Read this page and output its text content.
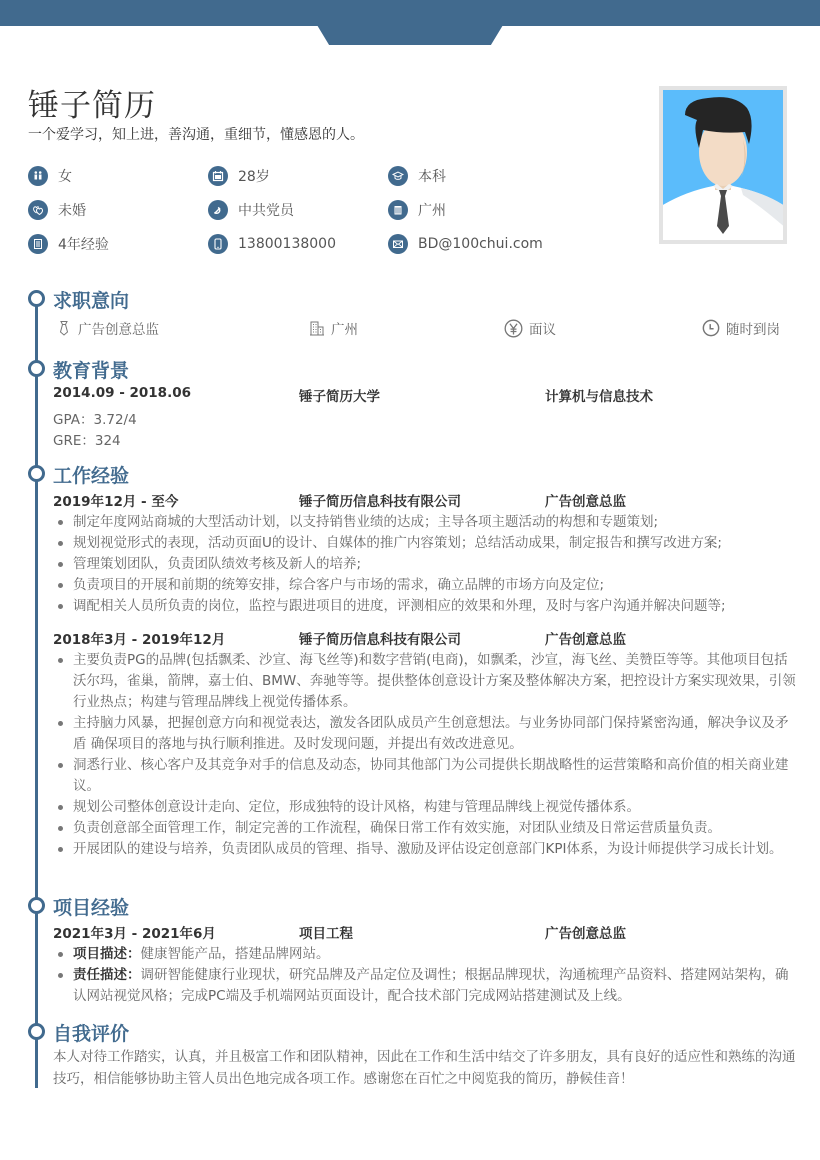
锤子简历
一个爱学习，知上进，善沟通，重细节，懂感恩的人。
女	28岁	本科
未婚	中共党员	广州
4年经验	13800138000	BD@100chui.com
求职意向
广告创意总监	广州	面议	随时到岗
教育背景
2014.09 - 2018.06	锤子简历大学	计算机与信息技术
GPA：3.72/4
GRE：324
工作经验
2019年12月 - 至今	锤子简历信息科技有限公司	广告创意总监
制定年度网站商城的大型活动计划，以支持销售业绩的达成；主导各项主题活动的构想和专题策划;
规划视觉形式的表现，活动页面U的设计、自媒体的推广内容策划；总结活动成果，制定报告和撰写改进方案;
管理策划团队，负责团队绩效考核及新人的培养;
负责项目的开展和前期的统筹安排，综合客户与市场的需求，确立品牌的市场方向及定位;
调配相关人员所负责的岗位，监控与跟进项目的进度，评测相应的效果和外理，及时与客户沟通并解决问题等;
2018年3月 - 2019年12月	锤子简历信息科技有限公司	广告创意总监
主要负责PG的品牌(包括飘柔、沙宣、海飞丝等)和数字营销(电商)，如飘柔，沙宣，海飞丝、美赞臣等等。其他项目包括 沃尔玛，雀巢，箭牌，嘉士伯、BMW、奔驰等等。提供整体创意设计方案及整体解决方案，把控设计方案实现效果，引领行业热点；构建与管理品牌线上视觉传播体系。
主持脑力风暴，把握创意方向和视觉表达，激发各团队成员产生创意想法。与业务协同部门保持紧密沟通，解决争议及矛盾 确保项目的落地与执行顺利推进。及时发现问题，并提出有效改进意见。
洞悉行业、核心客户及其竞争对手的信息及动态，协同其他部门为公司提供长期战略性的运营策略和高价值的相关商业建议。
规划公司整体创意设计走向、定位，形成独特的设计风格，构建与管理品牌线上视觉传播体系。
负责创意部全面管理工作，制定完善的工作流程，确保日常工作有效实施，对团队业绩及日常运营质量负责。
开展团队的建设与培养，负责团队成员的管理、指导、激励及评估设定创意部门KPI体系，为设计师提供学习成长计划。
项目经验
2021年3月 - 2021年6月	项目工程	广告创意总监
项目描述：健康智能产品，搭建品牌网站。
责任描述：调研智能健康行业现状，研究品牌及产品定位及调性；根据品牌现状，沟通梳理产品资料、搭建网站架构，确认网站视觉风格；完成PC端及手机端网站页面设计，配合技术部门完成网站搭建测试及上线。
自我评价

本人对待工作踏实，认真，并且极富工作和团队精神，因此在工作和生活中结交了许多朋友，具有良好的适应性和熟练的沟通技巧，相信能够协助主管人员出色地完成各项工作。感谢您在百忙之中阅览我的简历，静候佳音！
